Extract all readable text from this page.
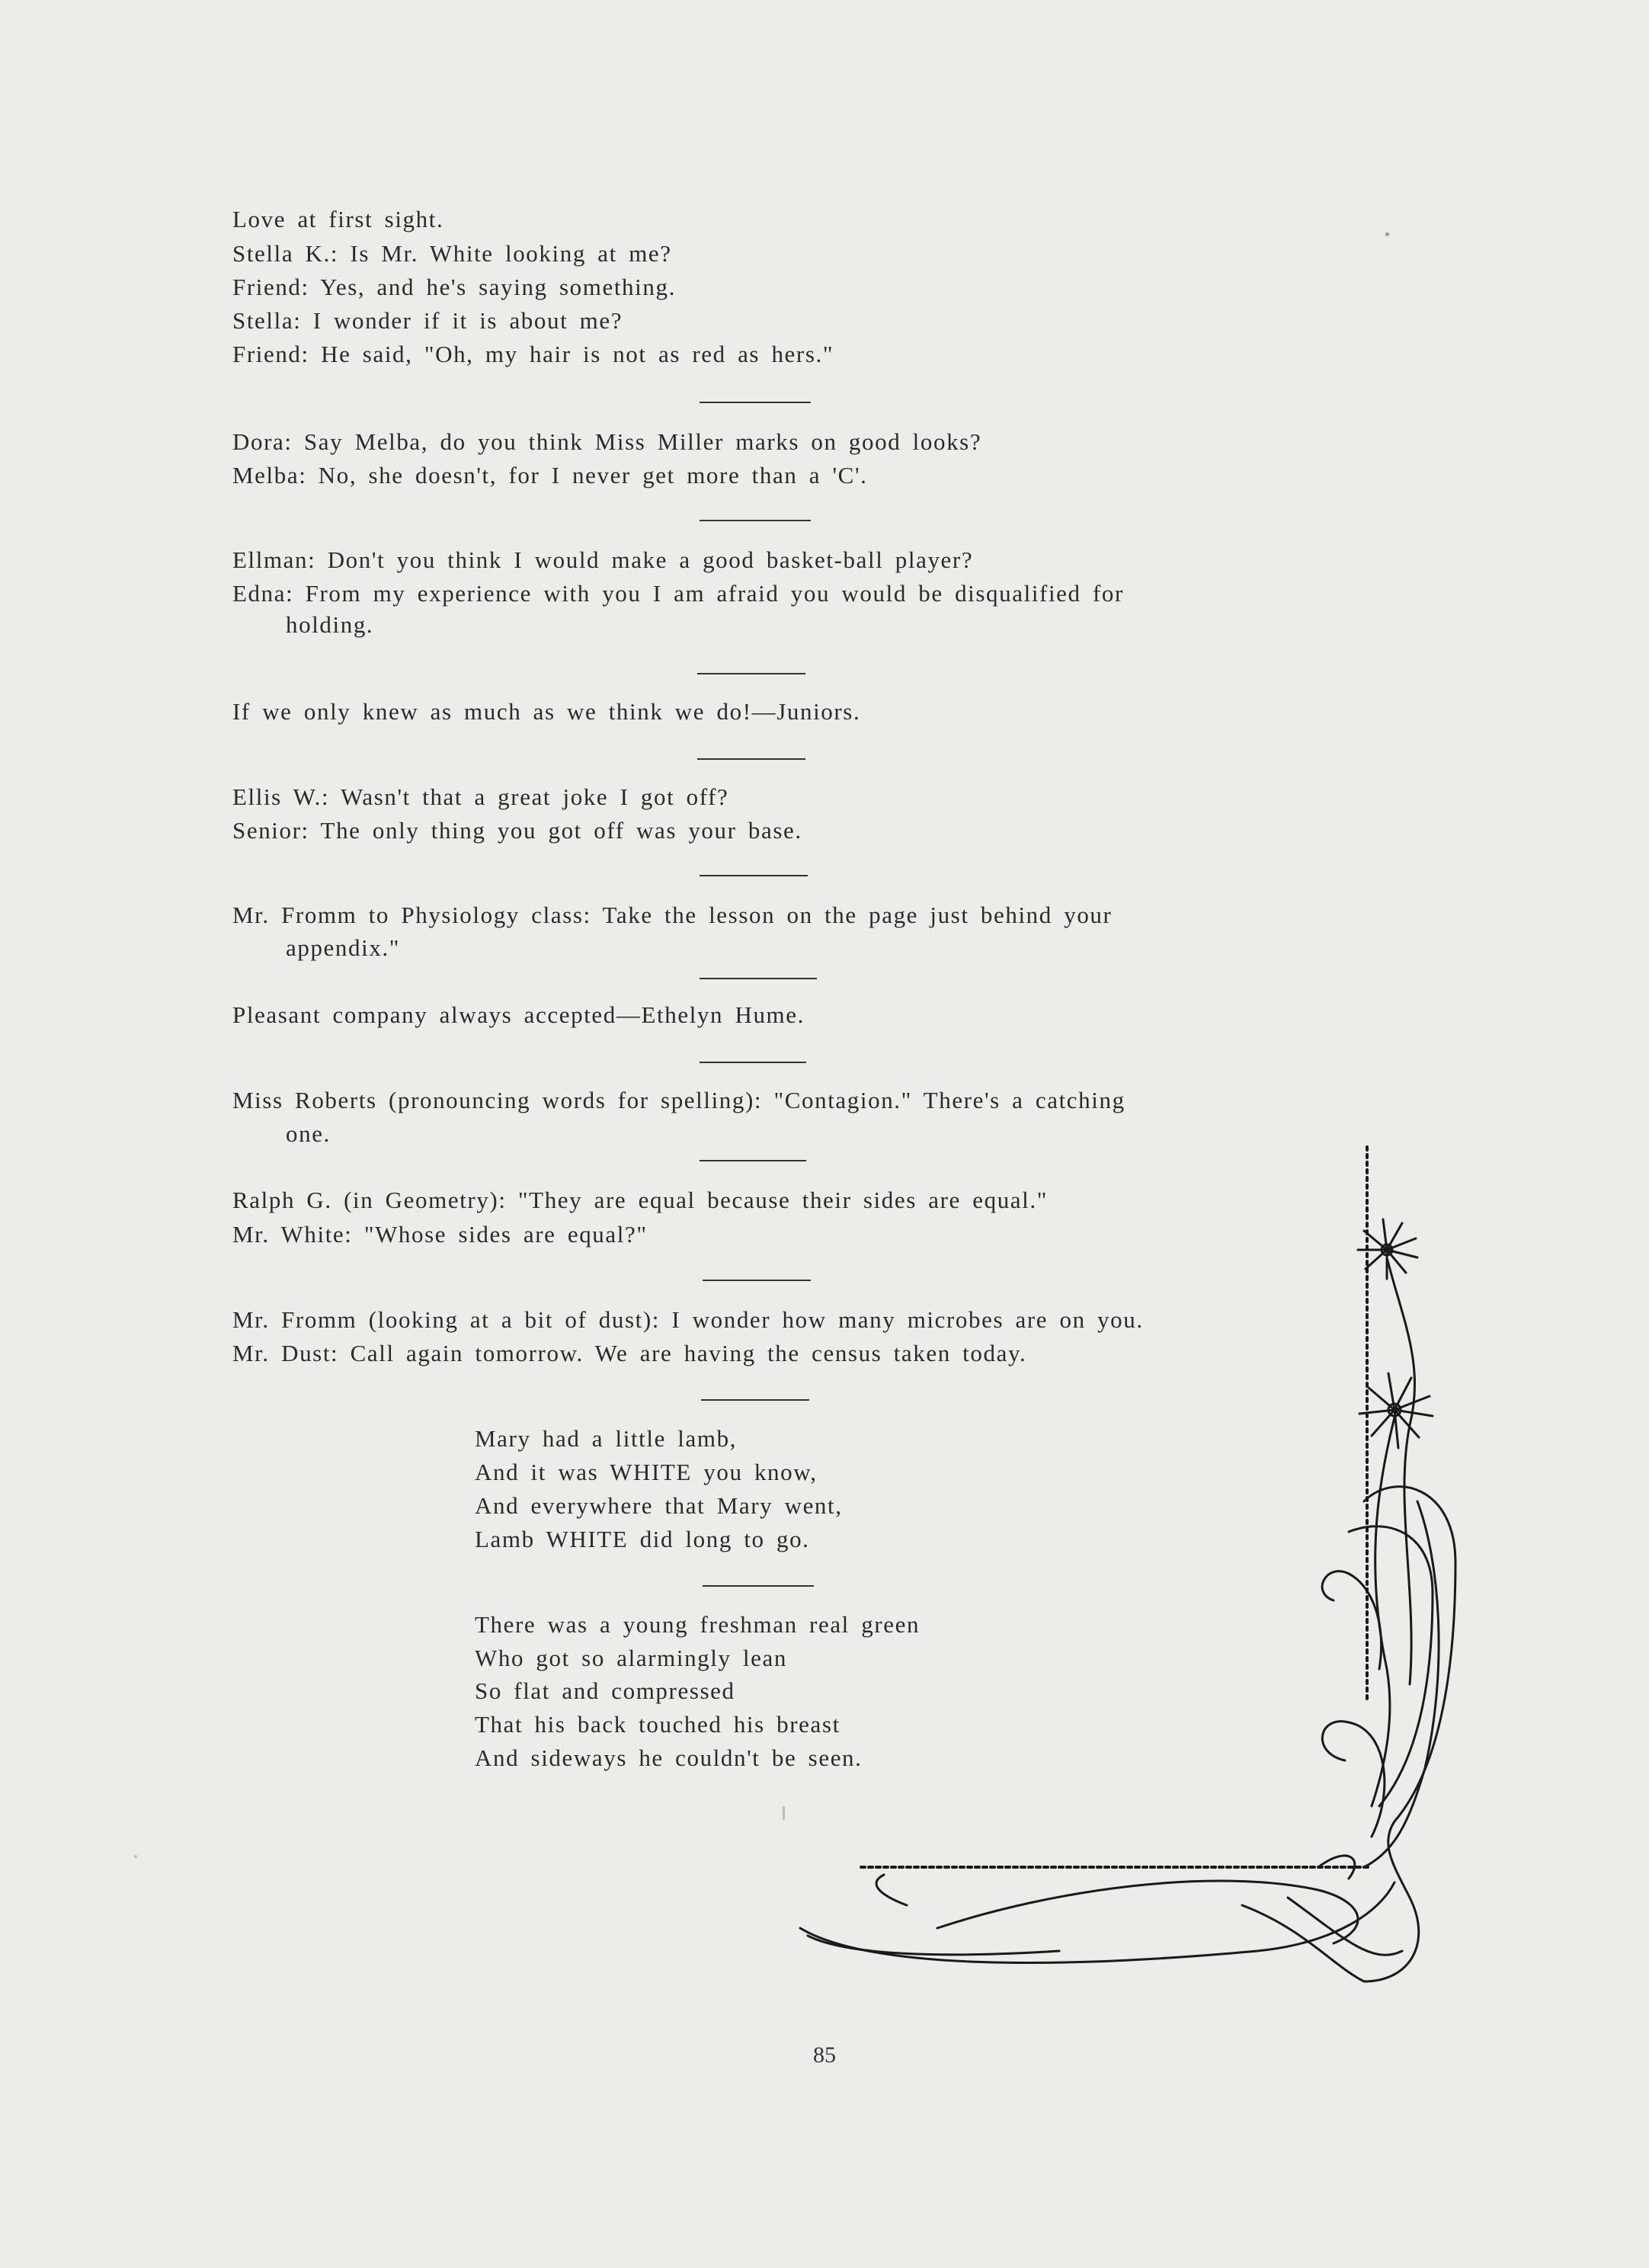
Love at first sight.
Stella K.: Is Mr. White looking at me?
Friend: Yes, and he's saying something.
Stella: I wonder if it is about me?
Friend: He said, "Oh, my hair is not as red as hers."
Dora: Say Melba, do you think Miss Miller marks on good looks?
Melba: No, she doesn't, for I never get more than a 'C'.
Ellman: Don't you think I would make a good basket-ball player?
Edna: From my experience with you I am afraid you would be disqualified for
holding.
If we only knew as much as we think we do!—Juniors.
Ellis W.: Wasn't that a great joke I got off?
Senior: The only thing you got off was your base.
Mr. Fromm to Physiology class: Take the lesson on the page just behind your
appendix."
Pleasant company always accepted—Ethelyn Hume.
Miss Roberts (pronouncing words for spelling): "Contagion." There's a catching
one.
Ralph G. (in Geometry): "They are equal because their sides are equal."
Mr. White: "Whose sides are equal?"
Mr. Fromm (looking at a bit of dust): I wonder how many microbes are on you.
Mr. Dust: Call again tomorrow. We are having the census taken today.
Mary had a little lamb,
And it was WHITE you know,
And everywhere that Mary went,
Lamb WHITE did long to go.
There was a young freshman real green
Who got so alarmingly lean
So flat and compressed
That his back touched his breast
And sideways he couldn't be seen.
85
